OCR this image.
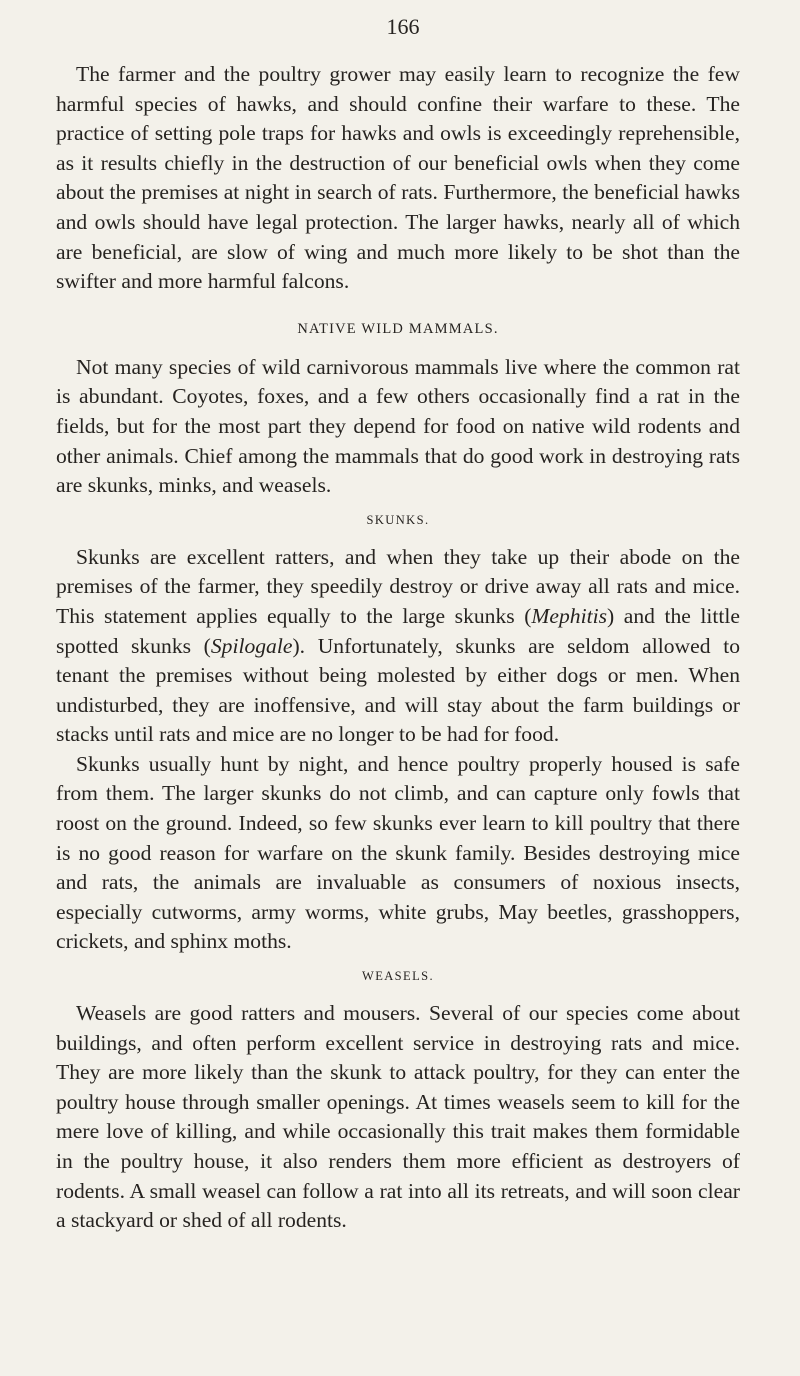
166

The farmer and the poultry grower may easily learn to recognize the few harmful species of hawks, and should confine their warfare to these. The practice of setting pole traps for hawks and owls is exceedingly reprehensible, as it results chiefly in the destruction of our beneficial owls when they come about the premises at night in search of rats. Furthermore, the beneficial hawks and owls should have legal protection. The larger hawks, nearly all of which are beneficial, are slow of wing and much more likely to be shot than the swifter and more harmful falcons.

NATIVE WILD MAMMALS.

Not many species of wild carnivorous mammals live where the common rat is abundant. Coyotes, foxes, and a few others occasionally find a rat in the fields, but for the most part they depend for food on native wild rodents and other animals. Chief among the mammals that do good work in destroying rats are skunks, minks, and weasels.

SKUNKS.

Skunks are excellent ratters, and when they take up their abode on the premises of the farmer, they speedily destroy or drive away all rats and mice. This statement applies equally to the large skunks (Mephitis) and the little spotted skunks (Spilogale). Unfortunately, skunks are seldom allowed to tenant the premises without being molested by either dogs or men. When undisturbed, they are inoffensive, and will stay about the farm buildings or stacks until rats and mice are no longer to be had for food.

Skunks usually hunt by night, and hence poultry properly housed is safe from them. The larger skunks do not climb, and can capture only fowls that roost on the ground. Indeed, so few skunks ever learn to kill poultry that there is no good reason for warfare on the skunk family. Besides destroying mice and rats, the animals are invaluable as consumers of noxious insects, especially cutworms, army worms, white grubs, May beetles, grasshoppers, crickets, and sphinx moths.

WEASELS.

Weasels are good ratters and mousers. Several of our species come about buildings, and often perform excellent service in destroying rats and mice. They are more likely than the skunk to attack poultry, for they can enter the poultry house through smaller openings. At times weasels seem to kill for the mere love of killing, and while occasionally this trait makes them formidable in the poultry house, it also renders them more efficient as destroyers of rodents. A small weasel can follow a rat into all its retreats, and will soon clear a stackyard or shed of all rodents.
